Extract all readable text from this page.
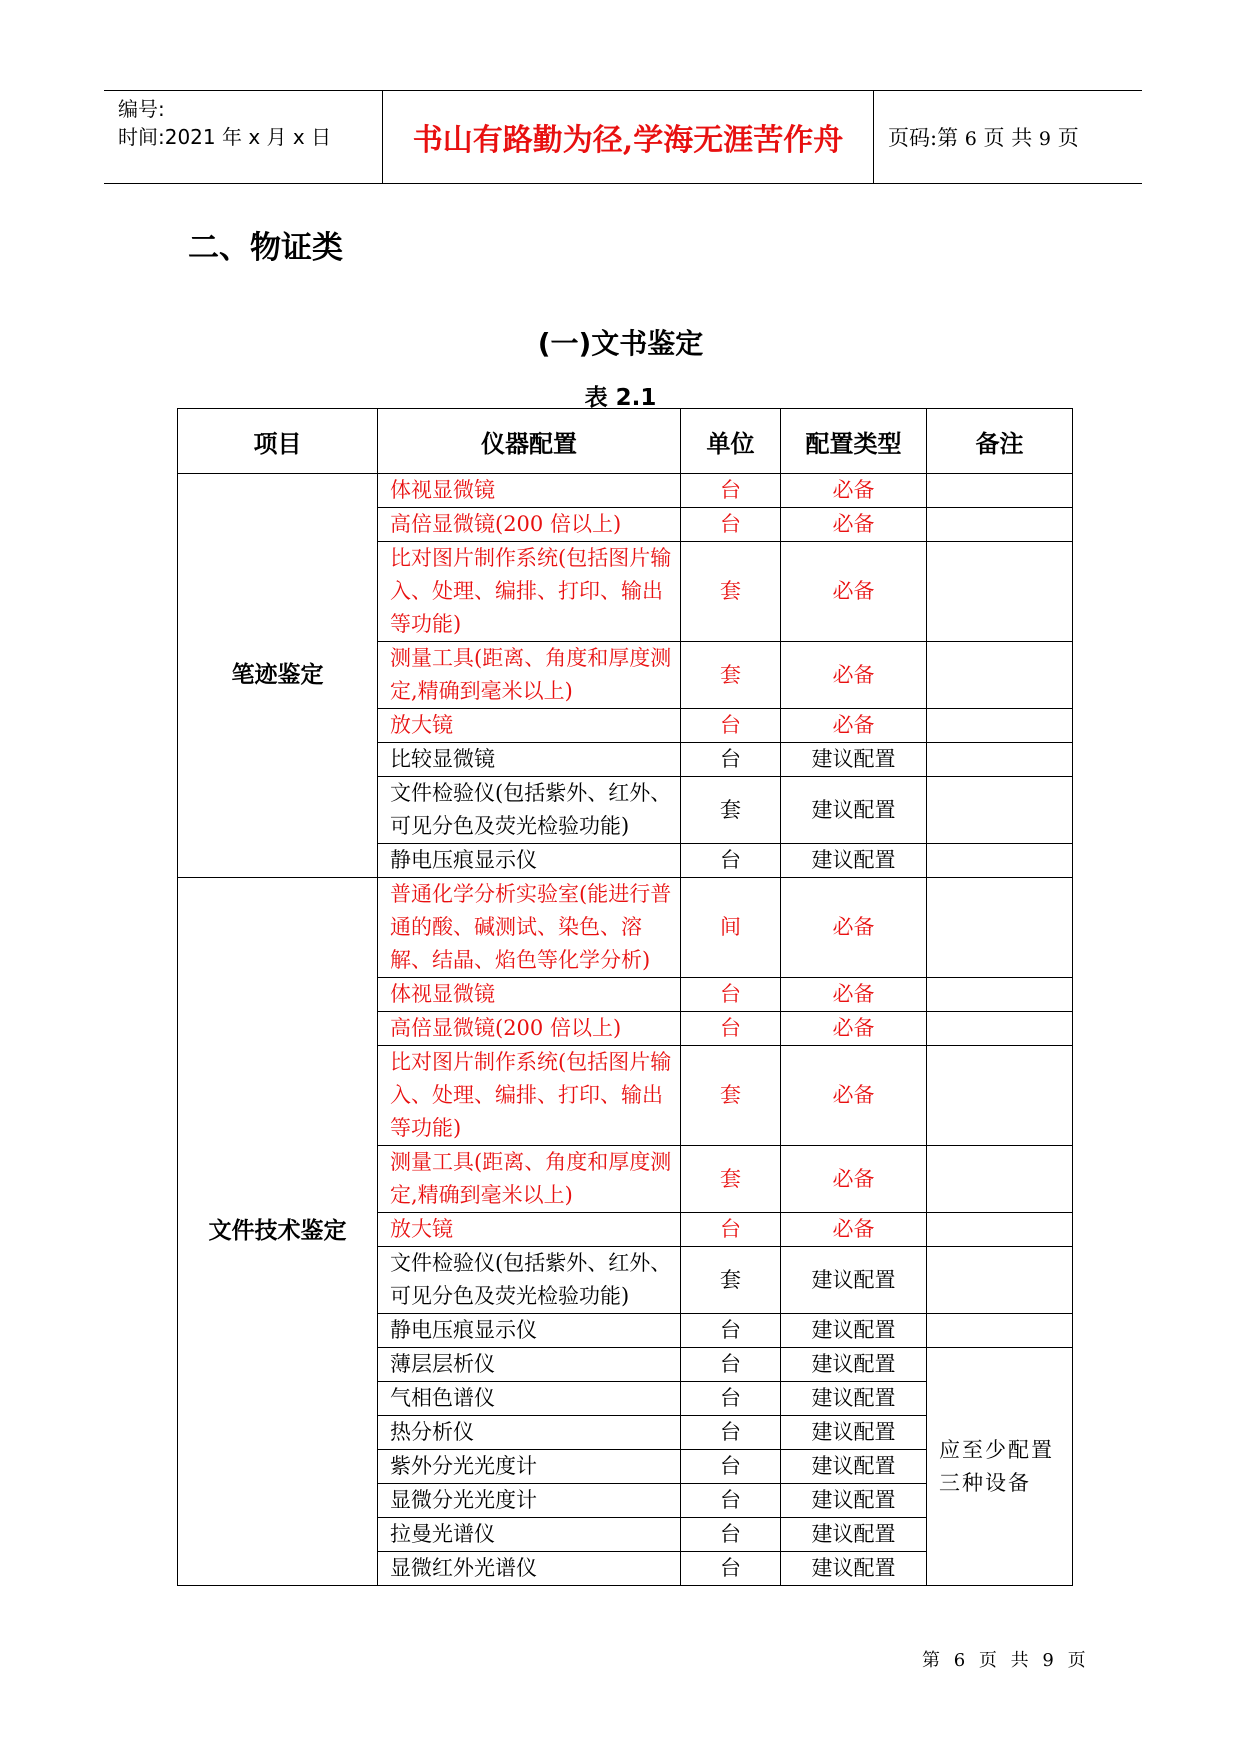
编号:
时间:2021 年 x 月 x 日	书山有路勤为径,学海无涯苦作舟	页码:第 6 页 共 9 页
二、物证类
(一)文书鉴定
表 2.1
项目	仪器配置	单位	配置类型	备注
笔迹鉴定	体视显微镜	台	必备	
	高倍显微镜(200 倍以上)	台	必备	
	比对图片制作系统(包括图片输入、处理、编排、打印、输出等功能)	套	必备	
	测量工具(距离、角度和厚度测定,精确到毫米以上)	套	必备	
	放大镜	台	必备	
	比较显微镜	台	建议配置	
	文件检验仪(包括紫外、红外、可见分色及荧光检验功能)	套	建议配置	
	静电压痕显示仪	台	建议配置	
文件技术鉴定	普通化学分析实验室(能进行普通的酸、碱测试、染色、溶解、结晶、焰色等化学分析)	间	必备	
	体视显微镜	台	必备	
	高倍显微镜(200 倍以上)	台	必备	
	比对图片制作系统(包括图片输入、处理、编排、打印、输出等功能)	套	必备	
	测量工具(距离、角度和厚度测定,精确到毫米以上)	套	必备	
	放大镜	台	必备	
	文件检验仪(包括紫外、红外、可见分色及荧光检验功能)	套	建议配置	
	静电压痕显示仪	台	建议配置	
	薄层层析仪	台	建议配置	应至少配置三种设备
	气相色谱仪	台	建议配置	
	热分析仪	台	建议配置	
	紫外分光光度计	台	建议配置	
	显微分光光度计	台	建议配置	
	拉曼光谱仪	台	建议配置	
	显微红外光谱仪	台	建议配置	
第 6 页 共 9 页
